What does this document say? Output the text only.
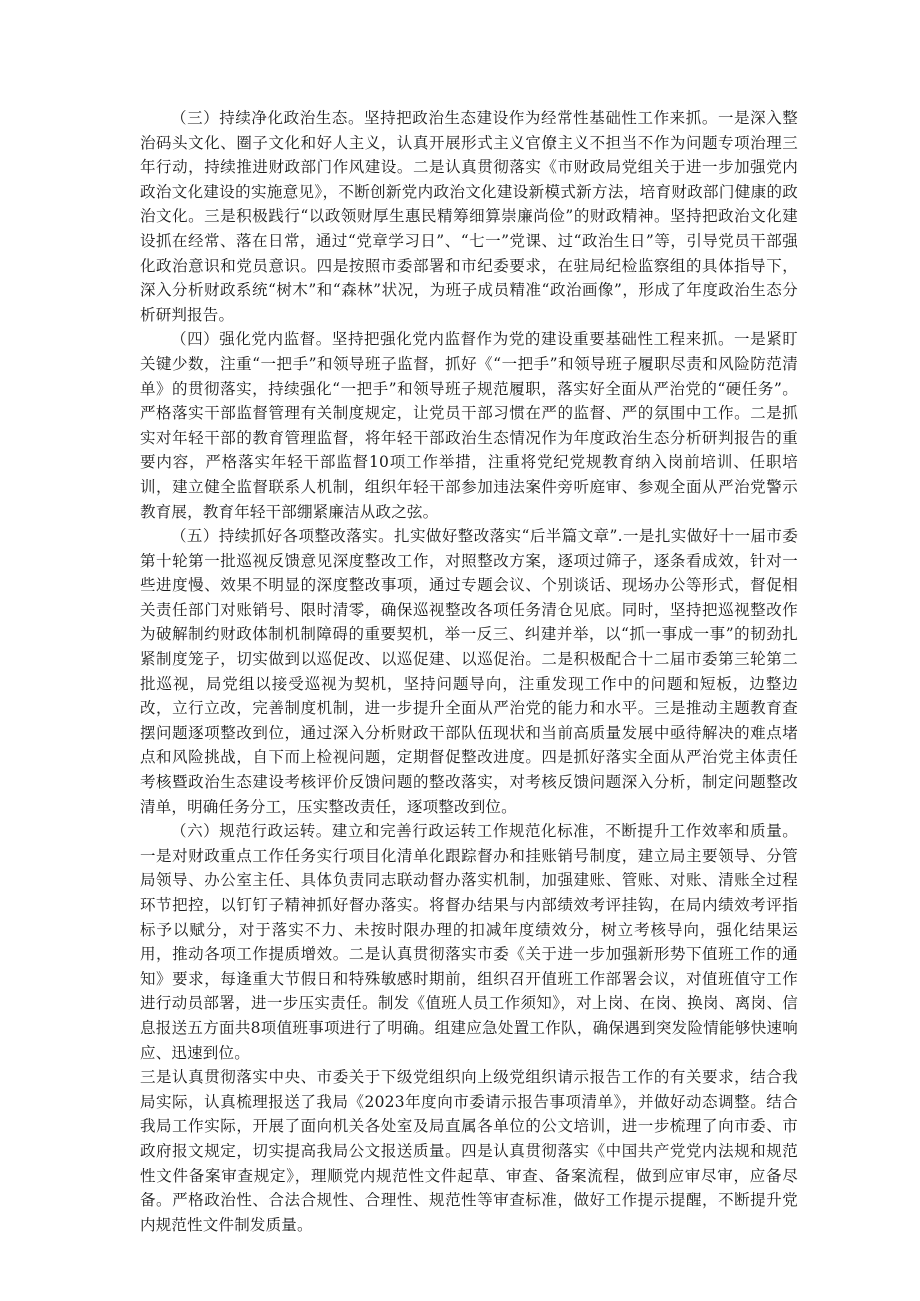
（三）持续净化政治生态。坚持把政治生态建设作为经常性基础性工作来抓。一是深入整治码头文化、圈子文化和好人主义，认真开展形式主义官僚主义不担当不作为问题专项治理三年行动，持续推进财政部门作风建设。二是认真贯彻落实《市财政局党组关于进一步加强党内政治文化建设的实施意见》，不断创新党内政治文化建设新模式新方法，培育财政部门健康的政治文化。三是积极践行“以政领财厚生惠民精筹细算崇廉尚俭”的财政精神。坚持把政治文化建设抓在经常、落在日常，通过“党章学习日”、“七一”党课、过“政治生日”等，引导党员干部强化政治意识和党员意识。四是按照市委部署和市纪委要求，在驻局纪检监察组的具体指导下，深入分析财政系统“树木”和“森林”状况，为班子成员精准“政治画像”，形成了年度政治生态分析研判报告。

（四）强化党内监督。坚持把强化党内监督作为党的建设重要基础性工程来抓。一是紧盯关键少数，注重“一把手”和领导班子监督，抓好《“一把手”和领导班子履职尽责和风险防范清单》的贯彻落实，持续强化“一把手”和领导班子规范履职，落实好全面从严治党的“硬任务”。严格落实干部监督管理有关制度规定，让党员干部习惯在严的监督、严的氛围中工作。二是抓实对年轻干部的教育管理监督，将年轻干部政治生态情况作为年度政治生态分析研判报告的重要内容，严格落实年轻干部监督10项工作举措，注重将党纪党规教育纳入岗前培训、任职培训，建立健全监督联系人机制，组织年轻干部参加违法案件旁听庭审、参观全面从严治党警示教育展，教育年轻干部绷紧廉洁从政之弦。

（五）持续抓好各项整改落实。扎实做好整改落实“后半篇文章”.一是扎实做好十一届市委第十轮第一批巡视反馈意见深度整改工作，对照整改方案，逐项过筛子，逐条看成效，针对一些进度慢、效果不明显的深度整改事项，通过专题会议、个别谈话、现场办公等形式，督促相关责任部门对账销号、限时清零，确保巡视整改各项任务清仓见底。同时，坚持把巡视整改作为破解制约财政体制机制障碍的重要契机，举一反三、纠建并举，以“抓一事成一事”的韧劲扎紧制度笼子，切实做到以巡促改、以巡促建、以巡促治。二是积极配合十二届市委第三轮第二批巡视，局党组以接受巡视为契机，坚持问题导向，注重发现工作中的问题和短板，边整边改，立行立改，完善制度机制，进一步提升全面从严治党的能力和水平。三是推动主题教育查摆问题逐项整改到位，通过深入分析财政干部队伍现状和当前高质量发展中亟待解决的难点堵点和风险挑战，自下而上检视问题，定期督促整改进度。四是抓好落实全面从严治党主体责任考核暨政治生态建设考核评价反馈问题的整改落实，对考核反馈问题深入分析，制定问题整改清单，明确任务分工，压实整改责任，逐项整改到位。

（六）规范行政运转。建立和完善行政运转工作规范化标准，不断提升工作效率和质量。一是对财政重点工作任务实行项目化清单化跟踪督办和挂账销号制度，建立局主要领导、分管局领导、办公室主任、具体负责同志联动督办落实机制，加强建账、管账、对账、清账全过程环节把控，以钉钉子精神抓好督办落实。将督办结果与内部绩效考评挂钩，在局内绩效考评指标予以赋分，对于落实不力、未按时限办理的扣减年度绩效分，树立考核导向，强化结果运用，推动各项工作提质增效。二是认真贯彻落实市委《关于进一步加强新形势下值班工作的通知》要求，每逢重大节假日和特殊敏感时期前，组织召开值班工作部署会议，对值班值守工作进行动员部署，进一步压实责任。制发《值班人员工作须知》，对上岗、在岗、换岗、离岗、信息报送五方面共8项值班事项进行了明确。组建应急处置工作队，确保遇到突发险情能够快速响应、迅速到位。

三是认真贯彻落实中央、市委关于下级党组织向上级党组织请示报告工作的有关要求，结合我局实际，认真梳理报送了我局《2023年度向市委请示报告事项清单》，并做好动态调整。结合我局工作实际，开展了面向机关各处室及局直属各单位的公文培训，进一步梳理了向市委、市政府报文规定，切实提高我局公文报送质量。四是认真贯彻落实《中国共产党党内法规和规范性文件备案审查规定》，理顺党内规范性文件起草、审查、备案流程，做到应审尽审，应备尽备。严格政治性、合法合规性、合理性、规范性等审查标准，做好工作提示提醒，不断提升党内规范性文件制发质量。
